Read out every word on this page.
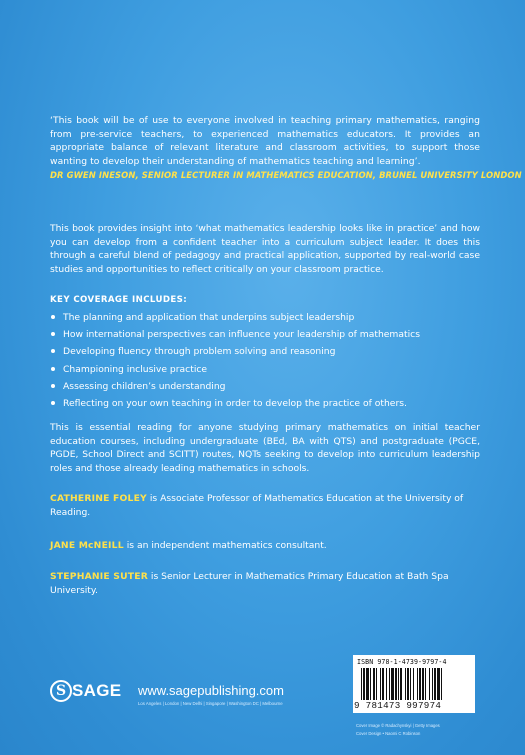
‘This book will be of use to everyone involved in teaching primary mathematics, ranging from pre-service teachers, to experienced mathematics educators. It provides an appropriate balance of relevant literature and classroom activities, to support those wanting to develop their understanding of mathematics teaching and learning’.

DR GWEN INESON, SENIOR LECTURER IN MATHEMATICS EDUCATION, BRUNEL UNIVERSITY LONDON

This book provides insight into ‘what mathematics leadership looks like in practice’ and how you can develop from a confident teacher into a curriculum subject leader. It does this through a careful blend of pedagogy and practical application, supported by real-world case studies and opportunities to reflect critically on your classroom practice.

KEY COVERAGE INCLUDES:

The planning and application that underpins subject leadership
How international perspectives can influence your leadership of mathematics
Developing fluency through problem solving and reasoning
Championing inclusive practice
Assessing children’s understanding
Reflecting on your own teaching in order to develop the practice of others.

This is essential reading for anyone studying primary mathematics on initial teacher education courses, including undergraduate (BEd, BA with QTS) and postgraduate (PGCE, PGDE, School Direct and SCITT) routes, NQTs seeking to develop into curriculum leadership roles and those already leading mathematics in schools.

CATHERINE FOLEY is Associate Professor of Mathematics Education at the University of Reading.

JANE McNEILL is an independent mathematics consultant.

STEPHANIE SUTER is Senior Lecturer in Mathematics Primary Education at Bath Spa University.

S SAGE www.sagepublishing.com
Los Angeles | London | New Delhi | Singapore | Washington DC | Melbourne
ISBN 978-1-4739-9797-4
9 781473 997974
Cover Image © Radachynskyi | Getty Images
Cover Design • Naomi C Robinson
